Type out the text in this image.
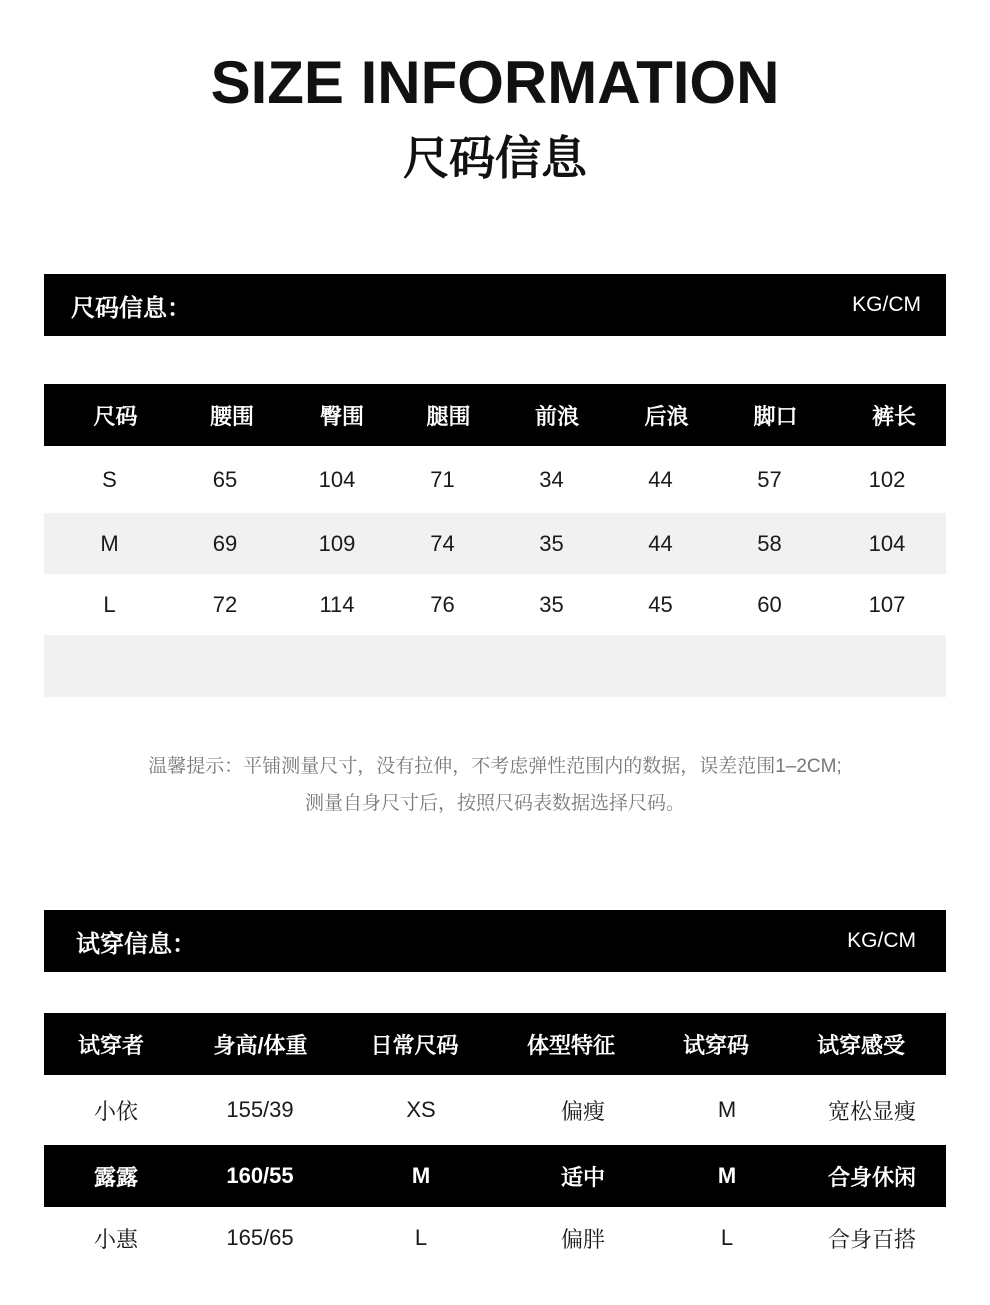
SIZE INFORMATION
尺码信息
尺码信息：	KG/CM
尺码	腰围	臀围	腿围	前浪	后浪	脚口	裤长
S	65	104	71	34	44	57	102
M	69	109	74	35	44	58	104
L	72	114	76	35	45	60	107
温馨提示：平铺测量尺寸，没有拉伸，不考虑弹性范围内的数据，误差范围1–2CM;
测量自身尺寸后，按照尺码表数据选择尺码。
试穿信息：	KG/CM
试穿者	身高/体重	日常尺码	体型特征	试穿码	试穿感受
小依	155/39	XS	偏瘦	M	宽松显瘦
露露	160/55	M	适中	M	合身休闲
小惠	165/65	L	偏胖	L	合身百搭
